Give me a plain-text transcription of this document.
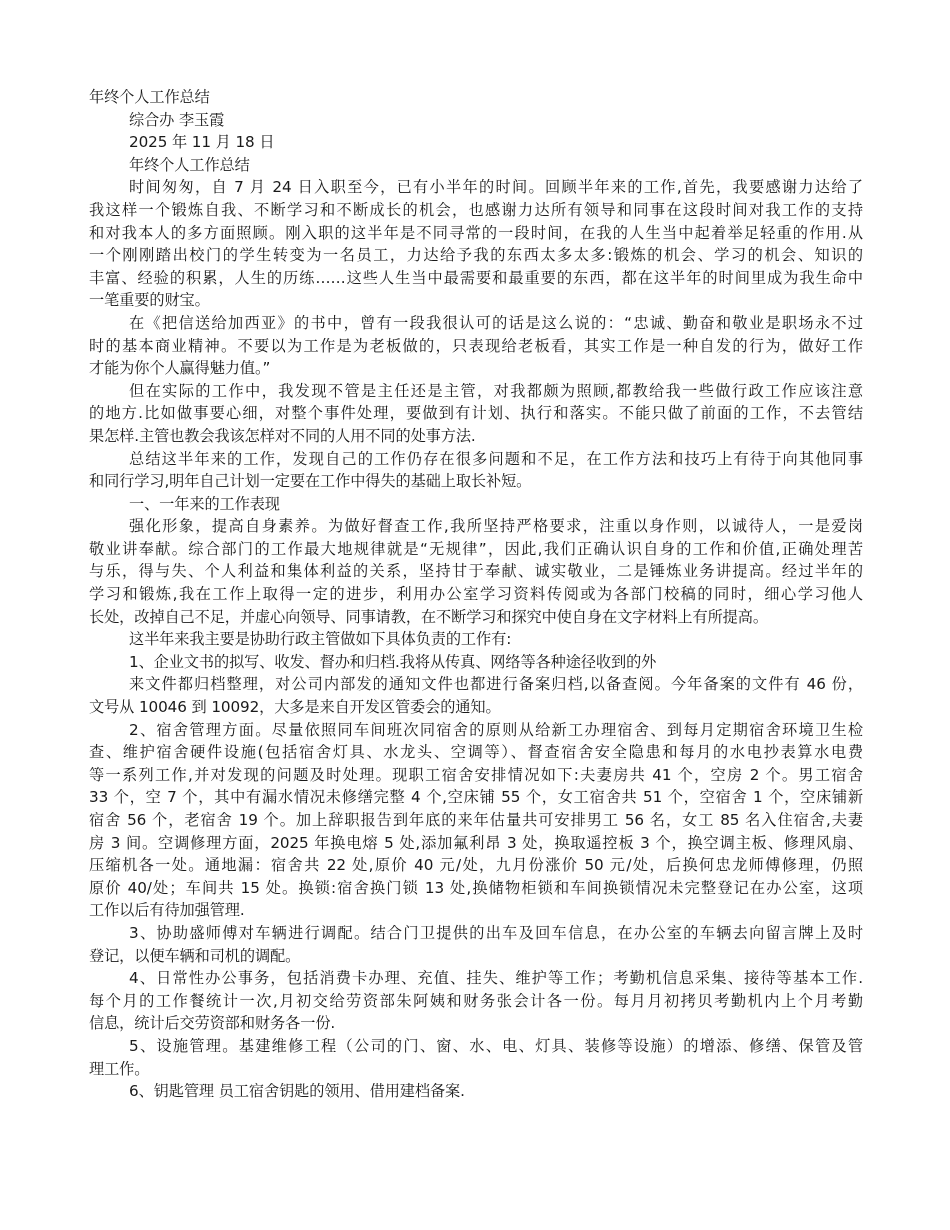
年终个人工作总结

综合办 李玉霞

2025 年 11 月 18 日

年终个人工作总结

时间匆匆，自 7 月 24 日入职至今，已有小半年的时间。回顾半年来的工作,首先，我要感谢力达给了

我这样一个锻炼自我、不断学习和不断成长的机会，也感谢力达所有领导和同事在这段时间对我工作的支持

和对我本人的多方面照顾。刚入职的这半年是不同寻常的一段时间，在我的人生当中起着举足轻重的作用.从

一个刚刚踏出校门的学生转变为一名员工，力达给予我的东西太多太多:锻炼的机会、学习的机会、知识的

丰富、经验的积累，人生的历练……这些人生当中最需要和最重要的东西，都在这半年的时间里成为我生命中

一笔重要的财宝。

在《把信送给加西亚》的书中，曾有一段我很认可的话是这么说的：“忠诚、勤奋和敬业是职场永不过

时的基本商业精神。不要以为工作是为老板做的，只表现给老板看，其实工作是一种自发的行为，做好工作

才能为你个人赢得魅力值。”

但在实际的工作中，我发现不管是主任还是主管，对我都颇为照顾,都教给我一些做行政工作应该注意

的地方.比如做事要心细，对整个事件处理，要做到有计划、执行和落实。不能只做了前面的工作，不去管结

果怎样.主管也教会我该怎样对不同的人用不同的处事方法.

总结这半年来的工作，发现自己的工作仍存在很多问题和不足，在工作方法和技巧上有待于向其他同事

和同行学习,明年自己计划一定要在工作中得失的基础上取长补短。

一、一年来的工作表现

强化形象，提高自身素养。为做好督查工作,我所坚持严格要求，注重以身作则，以诚待人，一是爱岗

敬业讲奉献。综合部门的工作最大地规律就是“无规律”，因此,我们正确认识自身的工作和价值,正确处理苦

与乐，得与失、个人利益和集体利益的关系，坚持甘于奉献、诚实敬业，二是锤炼业务讲提高。经过半年的

学习和锻炼,我在工作上取得一定的进步，利用办公室学习资料传阅或为各部门校稿的同时，细心学习他人

长处，改掉自己不足，并虚心向领导、同事请教，在不断学习和探究中使自身在文字材料上有所提高。

这半年来我主要是协助行政主管做如下具体负责的工作有:

1、企业文书的拟写、收发、督办和归档.我将从传真、网络等各种途径收到的外

来文件都归档整理，对公司内部发的通知文件也都进行备案归档,以备查阅。今年备案的文件有 46 份，

文号从 10046 到 10092，大多是来自开发区管委会的通知。

2、宿舍管理方面。尽量依照同车间班次同宿舍的原则从给新工办理宿舍、到每月定期宿舍环境卫生检

查、维护宿舍硬件设施(包括宿舍灯具、水龙头、空调等）、督查宿舍安全隐患和每月的水电抄表算水电费

等一系列工作,并对发现的问题及时处理。现职工宿舍安排情况如下:夫妻房共 41 个，空房 2 个。男工宿舍

33 个，空 7 个，其中有漏水情况未修缮完整 4 个,空床铺 55 个，女工宿舍共 51 个，空宿舍 1 个，空床铺新

宿舍 56 个，老宿舍 19 个。加上辞职报告到年底的来年估量共可安排男工 56 名，女工 85 名入住宿舍,夫妻

房 3 间。空调修理方面，2025 年换电熔 5 处,添加氟利昂 3 处，换取遥控板 3 个，换空调主板、修理风扇、

压缩机各一处。通地漏：宿舍共 22 处,原价 40 元/处，九月份涨价 50 元/处，后换何忠龙师傅修理，仍照

原价 40/处；车间共 15 处。换锁:宿舍换门锁 13 处,换储物柜锁和车间换锁情况未完整登记在办公室，这项

工作以后有待加强管理.

3、协助盛师傅对车辆进行调配。结合门卫提供的出车及回车信息，在办公室的车辆去向留言牌上及时

登记，以便车辆和司机的调配。

4、日常性办公事务，包括消费卡办理、充值、挂失、维护等工作；考勤机信息采集、接待等基本工作.

每个月的工作餐统计一次,月初交给劳资部朱阿姨和财务张会计各一份。每月月初拷贝考勤机内上个月考勤

信息，统计后交劳资部和财务各一份.

5、设施管理。基建维修工程（公司的门、窗、水、电、灯具、装修等设施）的增添、修缮、保管及管

理工作。

6、钥匙管理 员工宿舍钥匙的领用、借用建档备案.
